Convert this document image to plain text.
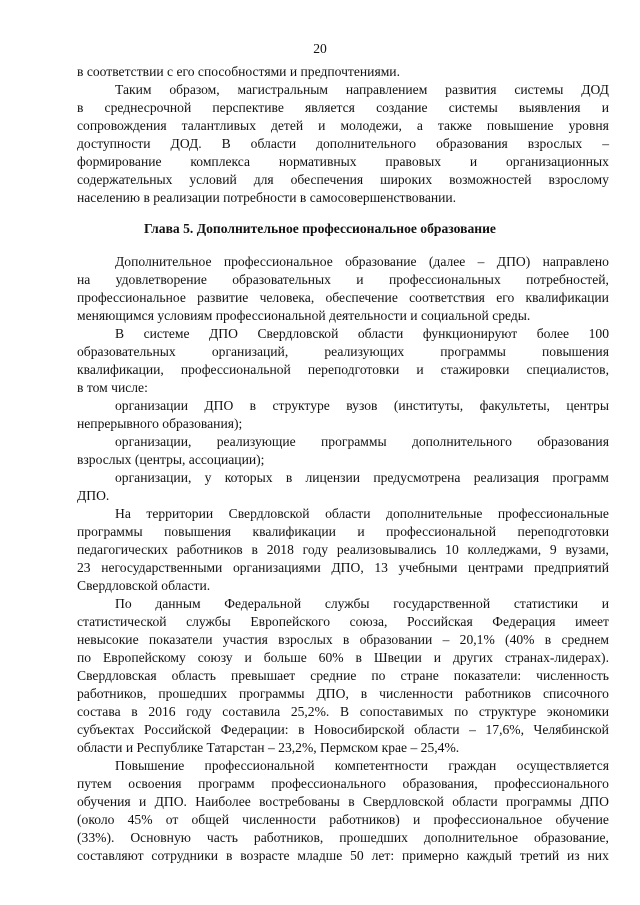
20
в соответствии с его способностями и предпочтениями.
Таким образом, магистральным направлением развития системы ДОД
в среднесрочной перспективе является создание системы выявления и
сопровождения талантливых детей и молодежи, а также повышение уровня
доступности ДОД. В области дополнительного образования взрослых –
формирование комплекса нормативных правовых и организационных
содержательных условий для обеспечения широких возможностей взрослому
населению в реализации потребности в самосовершенствовании.
Глава 5. Дополнительное профессиональное образование
Дополнительное профессиональное образование (далее – ДПО) направлено
на удовлетворение образовательных и профессиональных потребностей,
профессиональное развитие человека, обеспечение соответствия его квалификации
меняющимся условиям профессиональной деятельности и социальной среды.
В системе ДПО Свердловской области функционируют более 100
образовательных	организаций,	реализующих	программы	повышения
квалификации, профессиональной переподготовки и стажировки специалистов,
в том числе:
организации ДПО в структуре вузов (институты, факультеты, центры
непрерывного образования);
организации, реализующие программы дополнительного образования
взрослых (центры, ассоциации);
организации, у которых в лицензии предусмотрена реализация программ
ДПО.
На территории Свердловской области дополнительные профессиональные
программы повышения квалификации и профессиональной переподготовки
педагогических работников в 2018 году реализовывались 10 колледжами, 9 вузами,
23 негосударственными организациями ДПО, 13 учебными центрами предприятий
Свердловской области.
По данным Федеральной службы государственной статистики и
статистической службы Европейского союза, Российская Федерация имеет
невысокие показатели участия взрослых в образовании – 20,1% (40% в среднем
по Европейскому союзу и больше 60% в Швеции и других странах-лидерах).
Свердловская область превышает средние по стране показатели: численность
работников, прошедших программы ДПО, в численности работников списочного
состава в 2016 году составила 25,2%. В сопоставимых по структуре экономики
субъектах Российской Федерации: в Новосибирской области – 17,6%, Челябинской
области и Республике Татарстан – 23,2%, Пермском крае – 25,4%.
Повышение профессиональной компетентности граждан осуществляется
путем освоения программ профессионального образования, профессионального
обучения и ДПО. Наиболее востребованы в Свердловской области программы ДПО
(около 45% от общей численности работников) и профессиональное обучение
(33%). Основную часть работников, прошедших дополнительное образование,
составляют сотрудники в возрасте младше 50 лет: примерно каждый третий из них
